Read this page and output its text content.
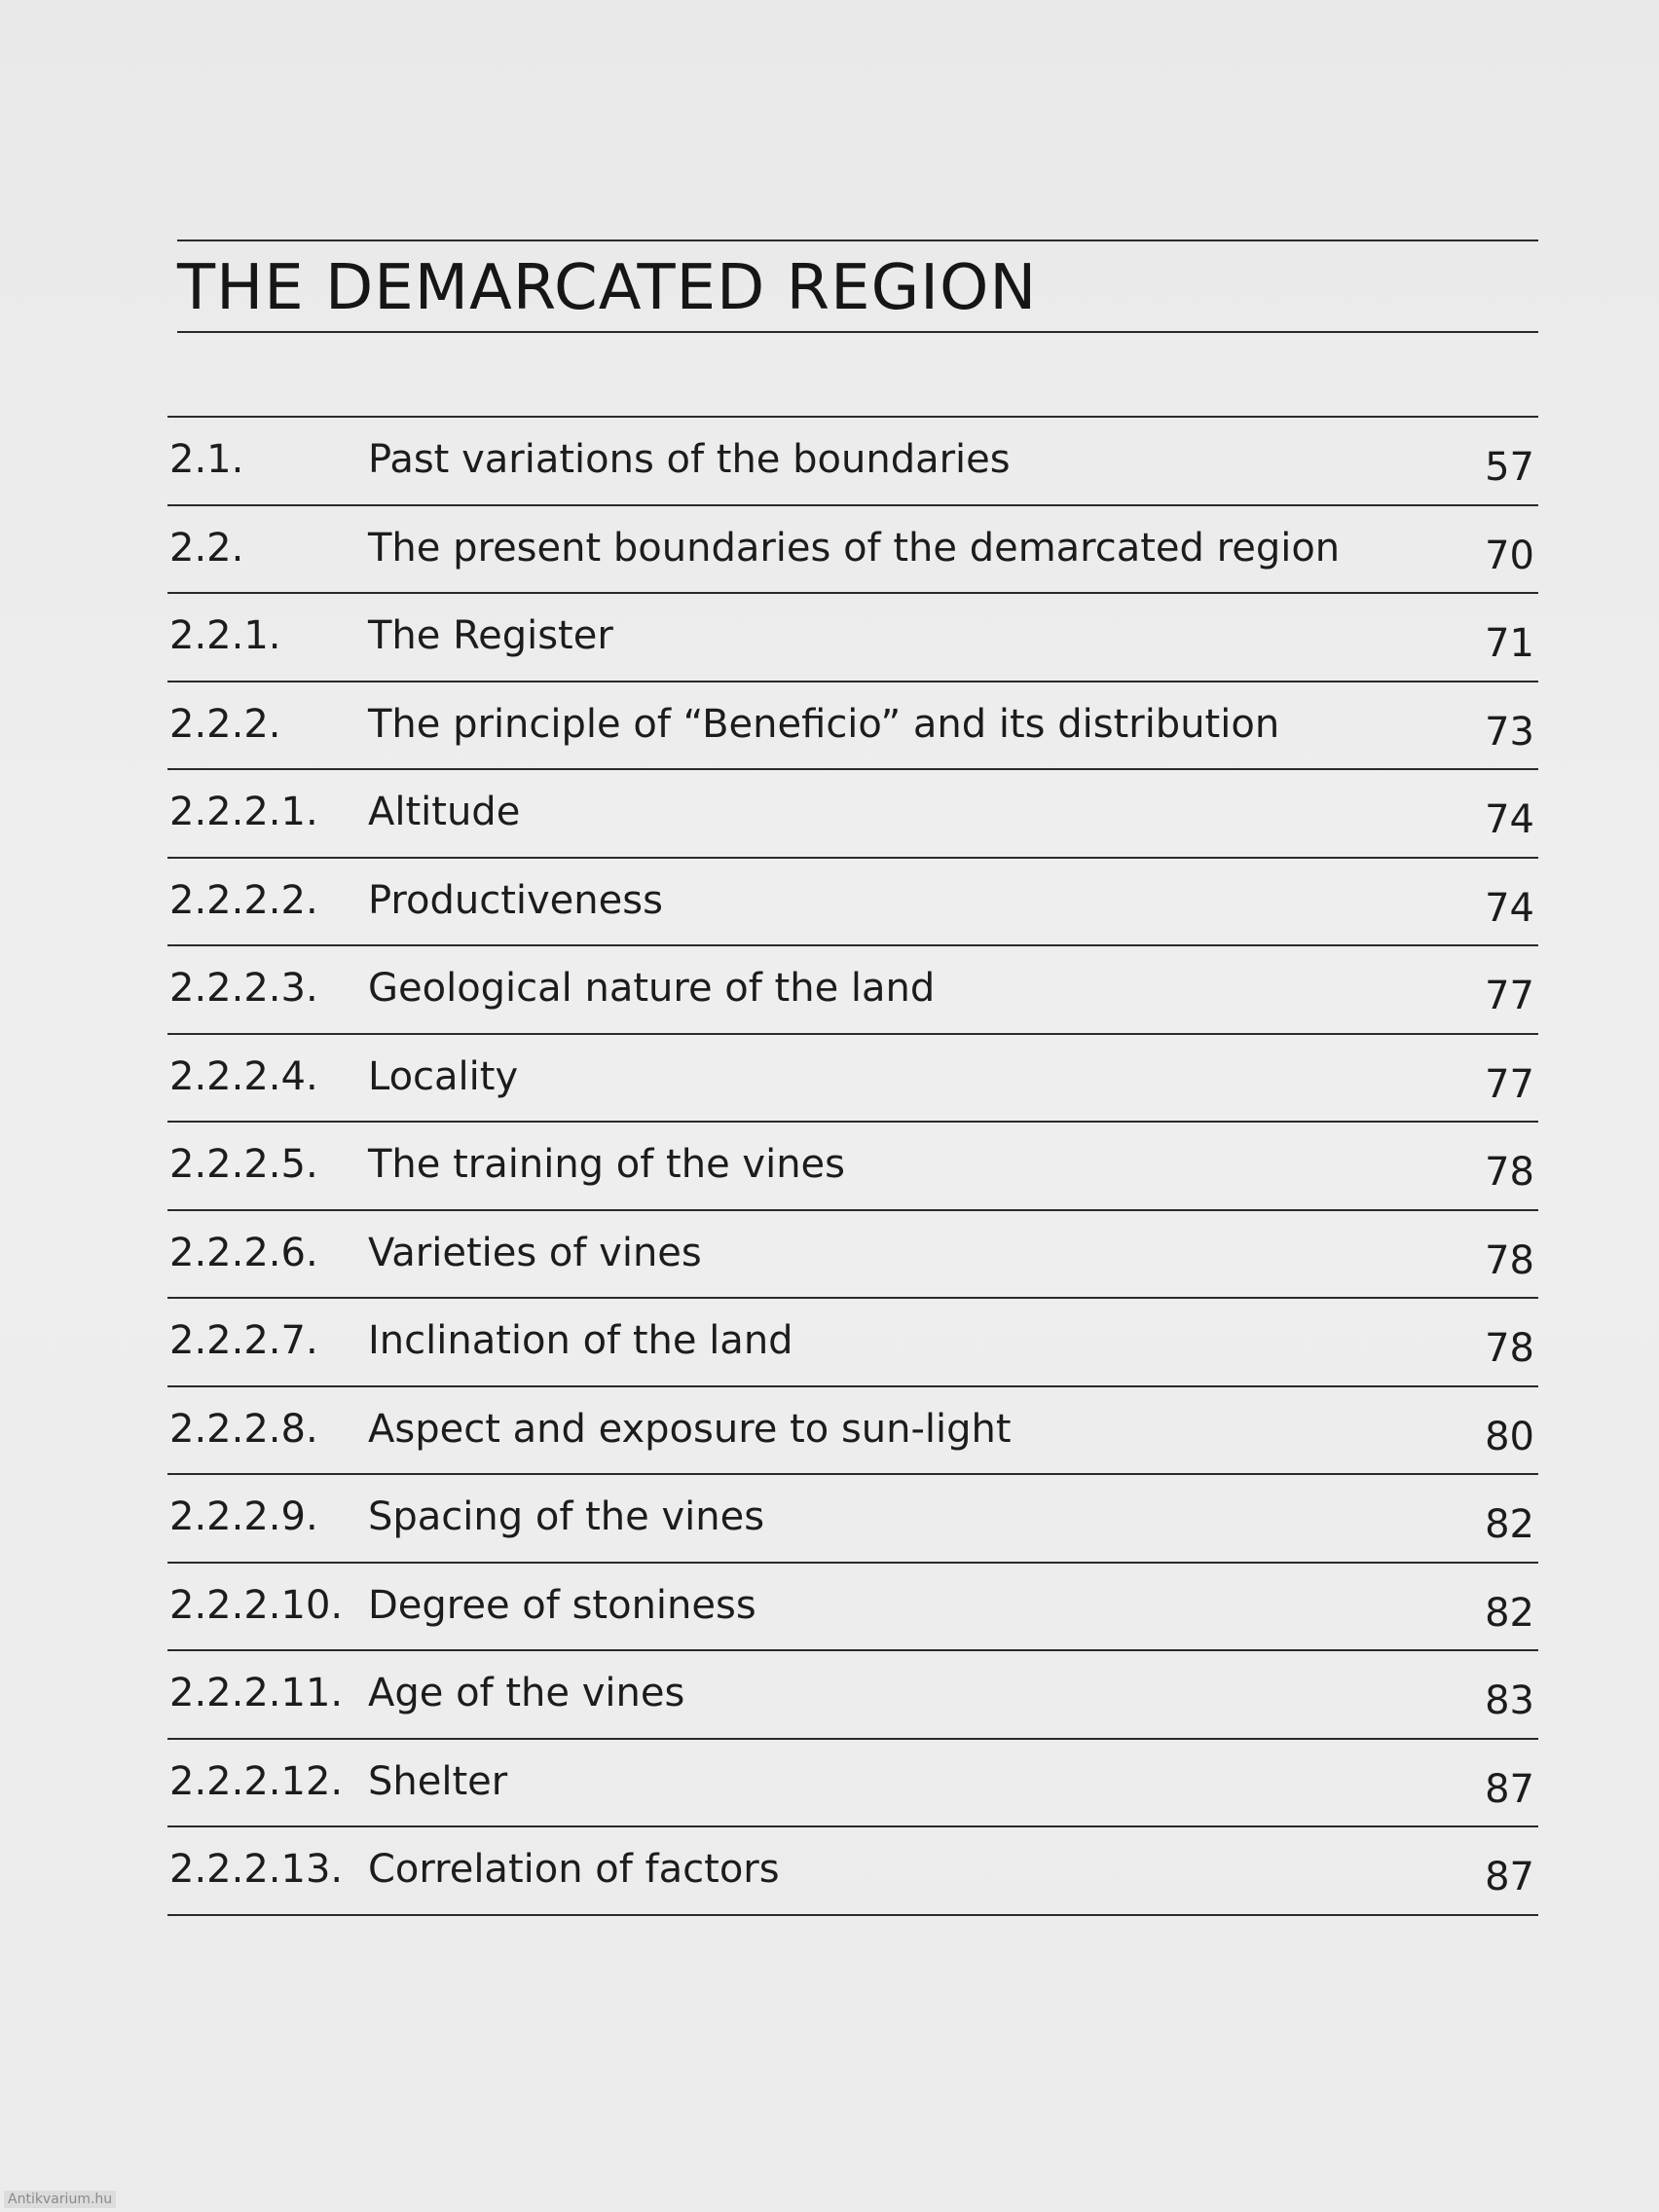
THE DEMARCATED REGION
2.1.	Past variations of the boundaries	57
2.2.	The present boundaries of the demarcated region	70
2.2.1. The Register	71
2.2.2. The principle of “Beneficio” and its distribution	73
2.2.2.1. Altitude	74
2.2.2.2. Productiveness	74
2.2.2.3. Geological nature of the land	77
2.2.2.4. Locality	77
2.2.2.5. The training of the vines	78
2.2.2.6. Varieties of vines	78
2.2.2.7. Inclination of the land	78
2.2.2.8. Aspect and exposure to sun-light	80
2.2.2.9. Spacing of the vines	82
2.2.2.10. Degree of stoniness	82
2.2.2.11. Age of the vines	83
2.2.2.12. Shelter	87
2.2.2.13. Correlation of factors	87
Antikvarium.hu
